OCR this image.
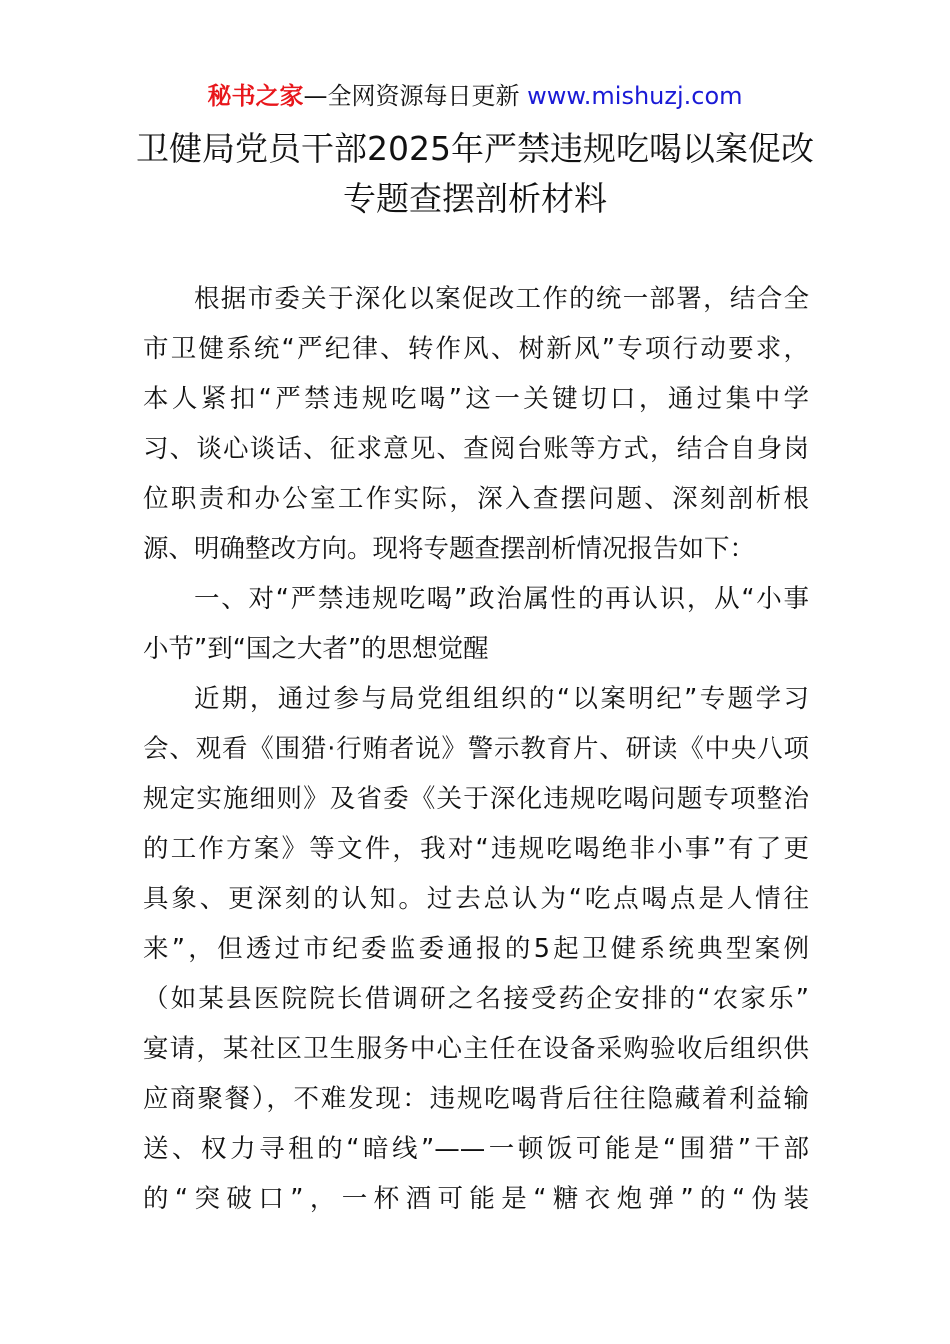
秘书之家—全网资源每日更新 www.mishuzj.com
卫健局党员干部2025年严禁违规吃喝以案促改
专题查摆剖析材料
根据市委关于深化以案促改工作的统一部署，结合全
市卫健系统“严纪律、转作风、树新风”专项行动要求，
本人紧扣“严禁违规吃喝”这一关键切口，通过集中学
习、谈心谈话、征求意见、查阅台账等方式，结合自身岗
位职责和办公室工作实际，深入查摆问题、深刻剖析根
源、明确整改方向。现将专题查摆剖析情况报告如下：
一、对“严禁违规吃喝”政治属性的再认识，从“小事
小节”到“国之大者”的思想觉醒
近期，通过参与局党组组织的“以案明纪”专题学习
会、观看《围猎·行贿者说》警示教育片、研读《中央八项
规定实施细则》及省委《关于深化违规吃喝问题专项整治
的工作方案》等文件，我对“违规吃喝绝非小事”有了更
具象、更深刻的认知。过去总认为“吃点喝点是人情往
来”，但透过市纪委监委通报的5起卫健系统典型案例
（如某县医院院长借调研之名接受药企安排的“农家乐”
宴请，某社区卫生服务中心主任在设备采购验收后组织供
应商聚餐），不难发现：违规吃喝背后往往隐藏着利益输
送、权力寻租的“暗线”——一顿饭可能是“围猎”干部
的“突破口”，一杯酒可能是“糖衣炮弹”的“伪装
